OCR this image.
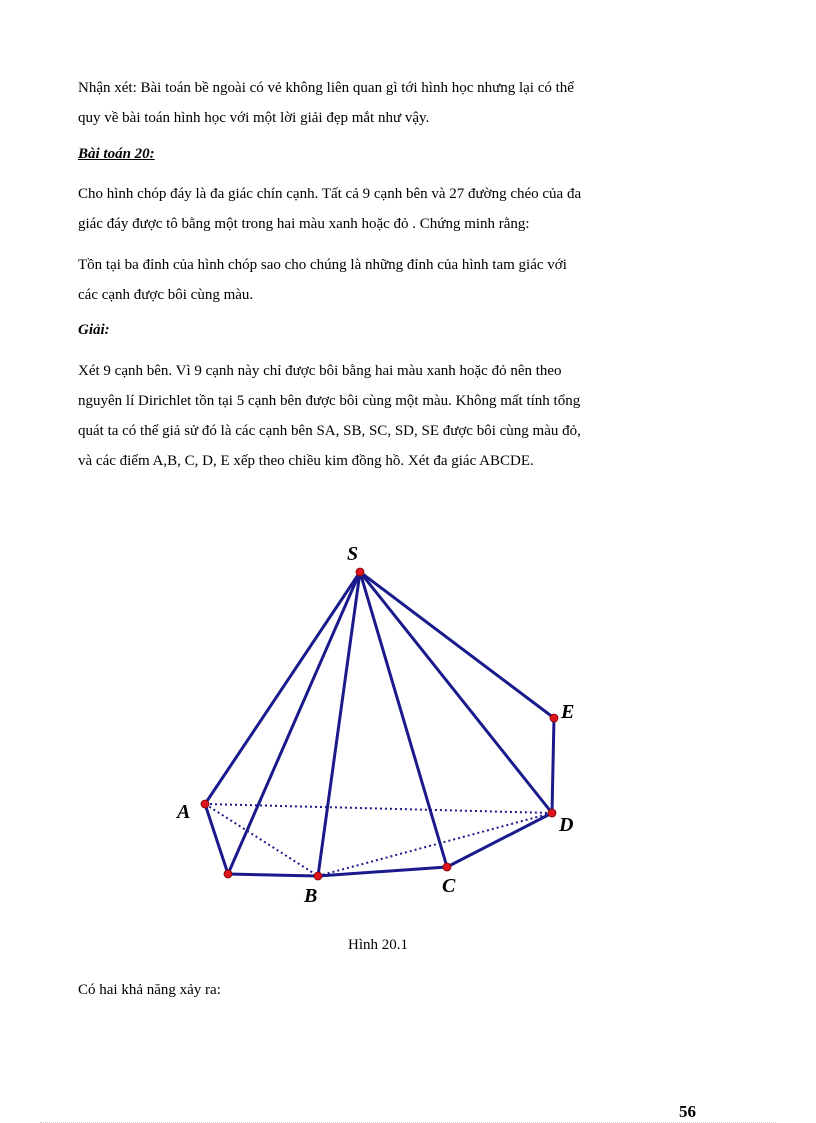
Nhận xét: Bài toán bề ngoài có vẻ không liên quan gì tới hình học nhưng lại có thể
quy về bài toán hình học với một lời giải đẹp mắt như vậy.

Bài toán 20:

Cho hình chóp đáy là đa giác chín cạnh. Tất cả 9 cạnh bên và 27 đường chéo của đa
giác đáy được tô bằng một trong hai màu xanh hoặc đỏ . Chứng minh rằng:
Tồn tại ba đỉnh của hình chóp sao cho chúng là những đỉnh của hình tam giác với
các cạnh được bôi cùng màu.

Giải:

Xét 9 cạnh bên. Vì 9 cạnh này chỉ được bôi bằng hai màu xanh hoặc đỏ nên theo
nguyên lí Dirichlet tồn tại 5 cạnh bên được bôi cùng một màu. Không mất tính tổng
quát ta có thể giả sử đó là các cạnh bên SA, SB, SC, SD, SE được bôi cùng màu đỏ,
và các điểm A,B, C, D, E xếp theo chiều kim đồng hồ. Xét đa giác ABCDE.
S
E
A
D
B	C
Hình 20.1

Có hai khả năng xảy ra:

56
